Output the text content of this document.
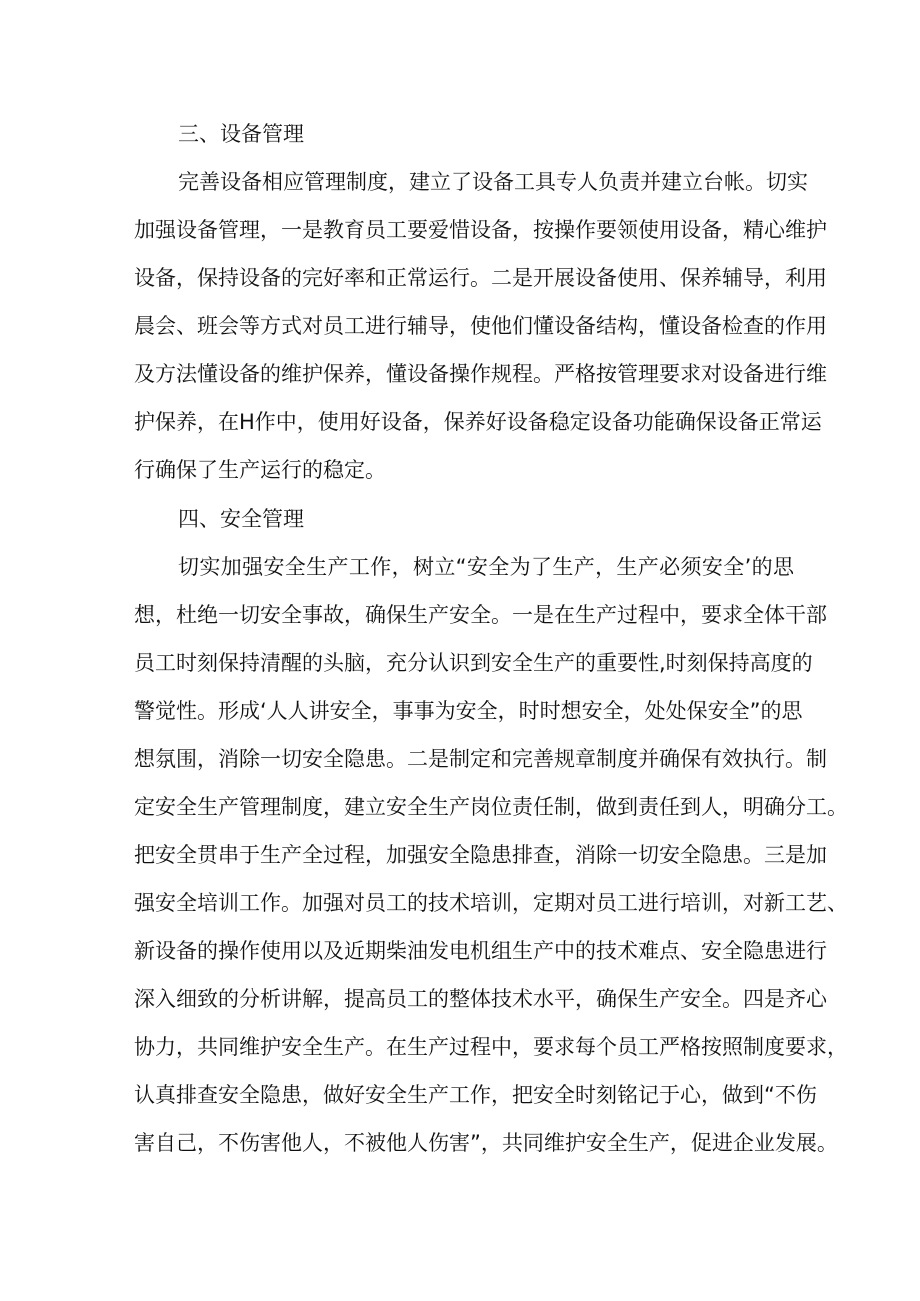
三、设备管理
完善设备相应管理制度，建立了设备工具专人负责并建立台帐。切实
加强设备管理，一是教育员工要爱惜设备，按操作要领使用设备，精心维护
设备，保持设备的完好率和正常运行。二是开展设备使用、保养辅导，利用
晨会、班会等方式对员工进行辅导，使他们懂设备结构，懂设备检查的作用
及方法懂设备的维护保养，懂设备操作规程。严格按管理要求对设备进行维
护保养，在H作中，使用好设备，保养好设备稳定设备功能确保设备正常运
行确保了生产运行的稳定。
四、安全管理
切实加强安全生产工作，树立“安全为了生产，生产必须安全’的思
想，杜绝一切安全事故，确保生产安全。一是在生产过程中，要求全体干部
员工时刻保持清醒的头脑，充分认识到安全生产的重要性,时刻保持高度的
警觉性。形成‘人人讲安全，事事为安全，时时想安全，处处保安全”的思
想氛围，消除一切安全隐患。二是制定和完善规章制度并确保有效执行。制
定安全生产管理制度，建立安全生产岗位责任制，做到责任到人，明确分工。
把安全贯串于生产全过程，加强安全隐患排查，消除一切安全隐患。三是加
强安全培训工作。加强对员工的技术培训，定期对员工进行培训，对新工艺、
新设备的操作使用以及近期柴油发电机组生产中的技术难点、安全隐患进行
深入细致的分析讲解，提高员工的整体技术水平，确保生产安全。四是齐心
协力，共同维护安全生产。在生产过程中，要求每个员工严格按照制度要求，
认真排查安全隐患，做好安全生产工作，把安全时刻铭记于心，做到“不伤
害自己，不伤害他人，不被他人伤害”，共同维护安全生产，促进企业发展。
